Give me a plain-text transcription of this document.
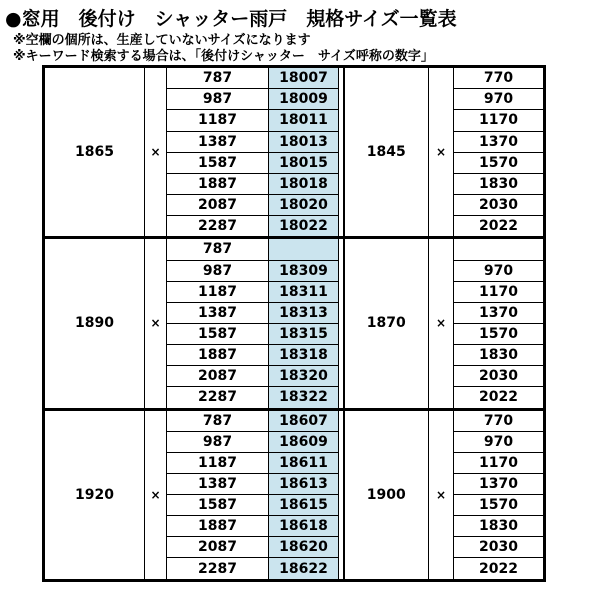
●窓用　後付け　シャッター雨戸　規格サイズ一覧表
※空欄の個所は、生産していないサイズになります
※キーワード検索する場合は、「後付けシャッター　サイズ呼称の数字」
1865	×	787	18007		1845	×	770
		987	18009				970
		1187	18011				1170
		1387	18013				1370
		1587	18015				1570
		1887	18018				1830
		2087	18020				2030
		2287	18022				2022
1890	×	787			1870	×	
		987	18309				970
		1187	18311				1170
		1387	18313				1370
		1587	18315				1570
		1887	18318				1830
		2087	18320				2030
		2287	18322				2022
1920	×	787	18607		1900	×	770
		987	18609				970
		1187	18611				1170
		1387	18613				1370
		1587	18615				1570
		1887	18618				1830
		2087	18620				2030
		2287	18622				2022
